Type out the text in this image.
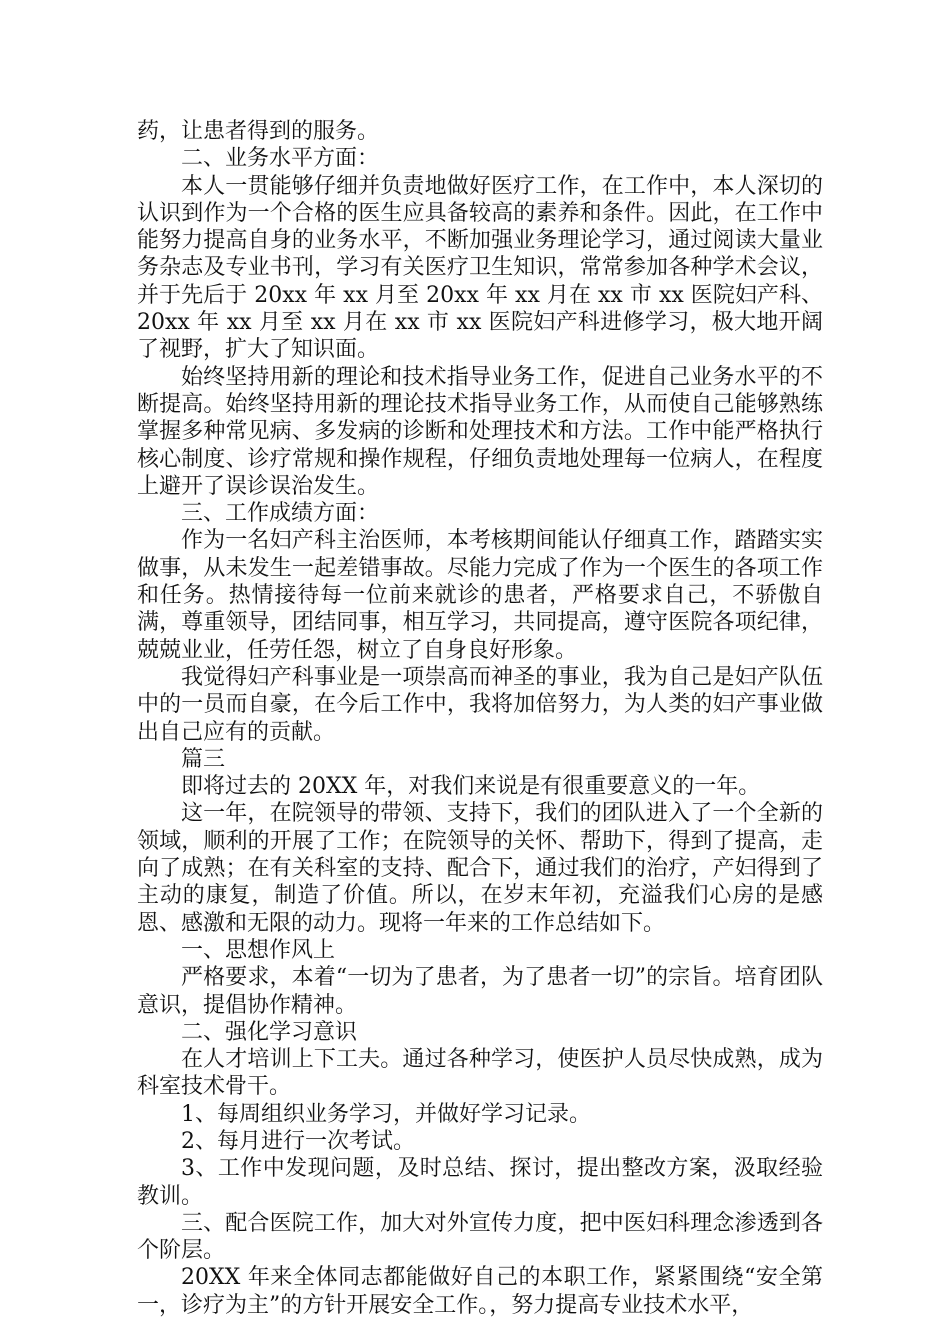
药，让患者得到的服务。

二、业务水平方面：

本人一贯能够仔细并负责地做好医疗工作，在工作中，本人深切的认识到作为一个合格的医生应具备较高的素养和条件。因此，在工作中能努力提高自身的业务水平，不断加强业务理论学习，通过阅读大量业务杂志及专业书刊，学习有关医疗卫生知识，常常参加各种学术会议，并于先后于 20xx 年 xx 月至 20xx 年 xx 月在 xx 市 xx 医院妇产科、20xx 年 xx 月至 xx 月在 xx 市 xx 医院妇产科进修学习，极大地开阔了视野，扩大了知识面。

始终坚持用新的理论和技术指导业务工作，促进自己业务水平的不断提高。始终坚持用新的理论技术指导业务工作，从而使自己能够熟练掌握多种常见病、多发病的诊断和处理技术和方法。工作中能严格执行核心制度、诊疗常规和操作规程，仔细负责地处理每一位病人，在程度上避开了误诊误治发生。

三、工作成绩方面：

作为一名妇产科主治医师，本考核期间能认仔细真工作，踏踏实实做事，从未发生一起差错事故。尽能力完成了作为一个医生的各项工作和任务。热情接待每一位前来就诊的患者，严格要求自己，不骄傲自满，尊重领导，团结同事，相互学习，共同提高，遵守医院各项纪律，兢兢业业，任劳任怨，树立了自身良好形象。

我觉得妇产科事业是一项崇高而神圣的事业，我为自己是妇产队伍中的一员而自豪，在今后工作中，我将加倍努力，为人类的妇产事业做出自己应有的贡献。

篇三

即将过去的 20XX 年，对我们来说是有很重要意义的一年。

这一年，在院领导的带领、支持下，我们的团队进入了一个全新的领域，顺利的开展了工作；在院领导的关怀、帮助下，得到了提高，走向了成熟；在有关科室的支持、配合下，通过我们的治疗，产妇得到了主动的康复，制造了价值。所以，在岁末年初，充溢我们心房的是感恩、感激和无限的动力。现将一年来的工作总结如下。

一、思想作风上

严格要求，本着“一切为了患者，为了患者一切”的宗旨。培育团队意识，提倡协作精神。

二、强化学习意识

在人才培训上下工夫。通过各种学习，使医护人员尽快成熟，成为科室技术骨干。

1、每周组织业务学习，并做好学习记录。

2、每月进行一次考试。

3、工作中发现问题，及时总结、探讨，提出整改方案，汲取经验教训。

三、配合医院工作，加大对外宣传力度，把中医妇科理念渗透到各个阶层。

20XX 年来全体同志都能做好自己的本职工作，紧紧围绕“安全第一，诊疗为主”的方针开展安全工作。，努力提高专业技术水平，
